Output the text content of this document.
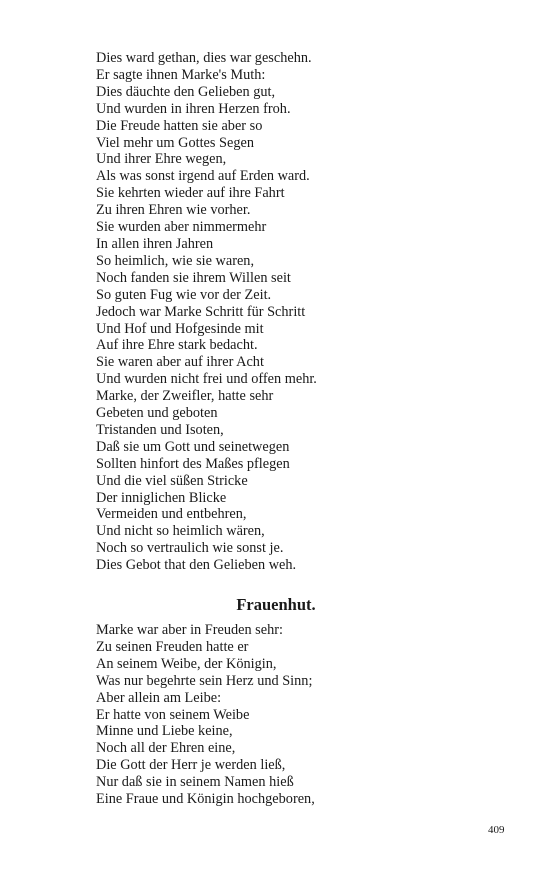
Dies ward gethan, dies war geschehn.
Er sagte ihnen Marke's Muth:
Dies däuchte den Gelieben gut,
Und wurden in ihren Herzen froh.
Die Freude hatten sie aber so
Viel mehr um Gottes Segen
Und ihrer Ehre wegen,
Als was sonst irgend auf Erden ward.
Sie kehrten wieder auf ihre Fahrt
Zu ihren Ehren wie vorher.
Sie wurden aber nimmermehr
In allen ihren Jahren
So heimlich, wie sie waren,
Noch fanden sie ihrem Willen seit
So guten Fug wie vor der Zeit.
Jedoch war Marke Schritt für Schritt
Und Hof und Hofgesinde mit
Auf ihre Ehre stark bedacht.
Sie waren aber auf ihrer Acht
Und wurden nicht frei und offen mehr.
Marke, der Zweifler, hatte sehr
Gebeten und geboten
Tristanden und Isoten,
Daß sie um Gott und seinetwegen
Sollten hinfort des Maßes pflegen
Und die viel süßen Stricke
Der inniglichen Blicke
Vermeiden und entbehren,
Und nicht so heimlich wären,
Noch so vertraulich wie sonst je.
Dies Gebot that den Gelieben weh.
Frauenhut.
Marke war aber in Freuden sehr:
Zu seinen Freuden hatte er
An seinem Weibe, der Königin,
Was nur begehrte sein Herz und Sinn;
Aber allein am Leibe:
Er hatte von seinem Weibe
Minne und Liebe keine,
Noch all der Ehren eine,
Die Gott der Herr je werden ließ,
Nur daß sie in seinem Namen hieß
Eine Fraue und Königin hochgeboren,
409
